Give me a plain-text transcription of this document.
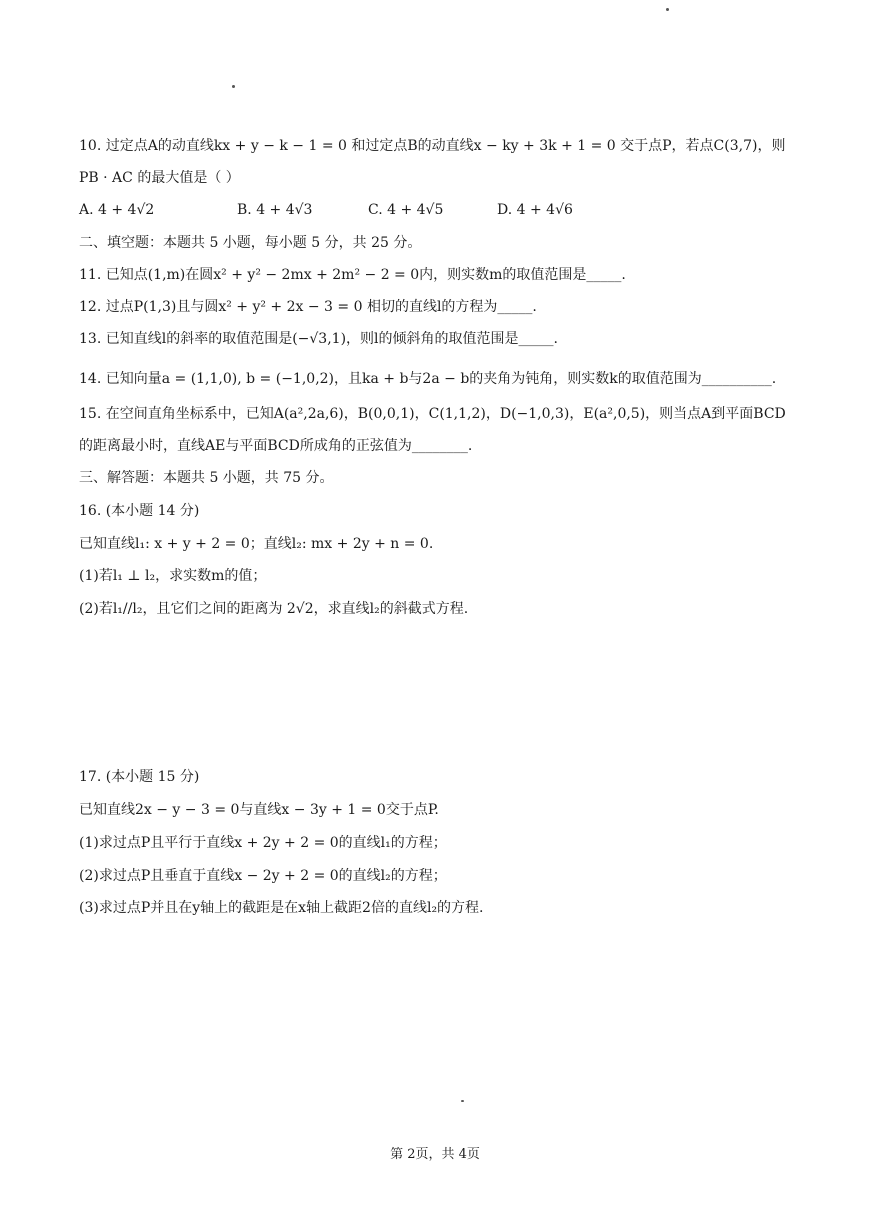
10. 过定点A的动直线kx + y − k − 1 = 0 和过定点B的动直线x − ky + 3k + 1 = 0 交于点P，若点C(3,7)，则
PB · AC 的最大值是（ ）
A. 4 + 4√2	B. 4 + 4√3	C. 4 + 4√5	D. 4 + 4√6
二、填空题：本题共 5 小题，每小题 5 分，共 25 分。
11. 已知点(1,m)在圆x² + y² − 2mx + 2m² − 2 = 0内，则实数m的取值范围是_____.
12. 过点P(1,3)且与圆x² + y² + 2x − 3 = 0 相切的直线l的方程为_____.
13. 已知直线l的斜率的取值范围是(−√3,1)，则l的倾斜角的取值范围是_____.
14. 已知向量a = (1,1,0), b = (−1,0,2)，且ka + b与2a − b的夹角为钝角，则实数k的取值范围为__________.
15. 在空间直角坐标系中，已知A(a²,2a,6)，B(0,0,1)，C(1,1,2)，D(−1,0,3)，E(a²,0,5)，则当点A到平面BCD
的距离最小时，直线AE与平面BCD所成角的正弦值为________.
三、解答题：本题共 5 小题，共 75 分。
16. (本小题 14 分)
已知直线l₁: x + y + 2 = 0；直线l₂: mx + 2y + n = 0.
(1)若l₁ ⊥ l₂，求实数m的值；
(2)若l₁//l₂，且它们之间的距离为 2√2，求直线l₂的斜截式方程.
17. (本小题 15 分)
已知直线2x − y − 3 = 0与直线x − 3y + 1 = 0交于点P.
(1)求过点P且平行于直线x + 2y + 2 = 0的直线l₁的方程；
(2)求过点P且垂直于直线x − 2y + 2 = 0的直线l₂的方程；
(3)求过点P并且在y轴上的截距是在x轴上截距2倍的直线l₂的方程.
第 2页，共 4页
